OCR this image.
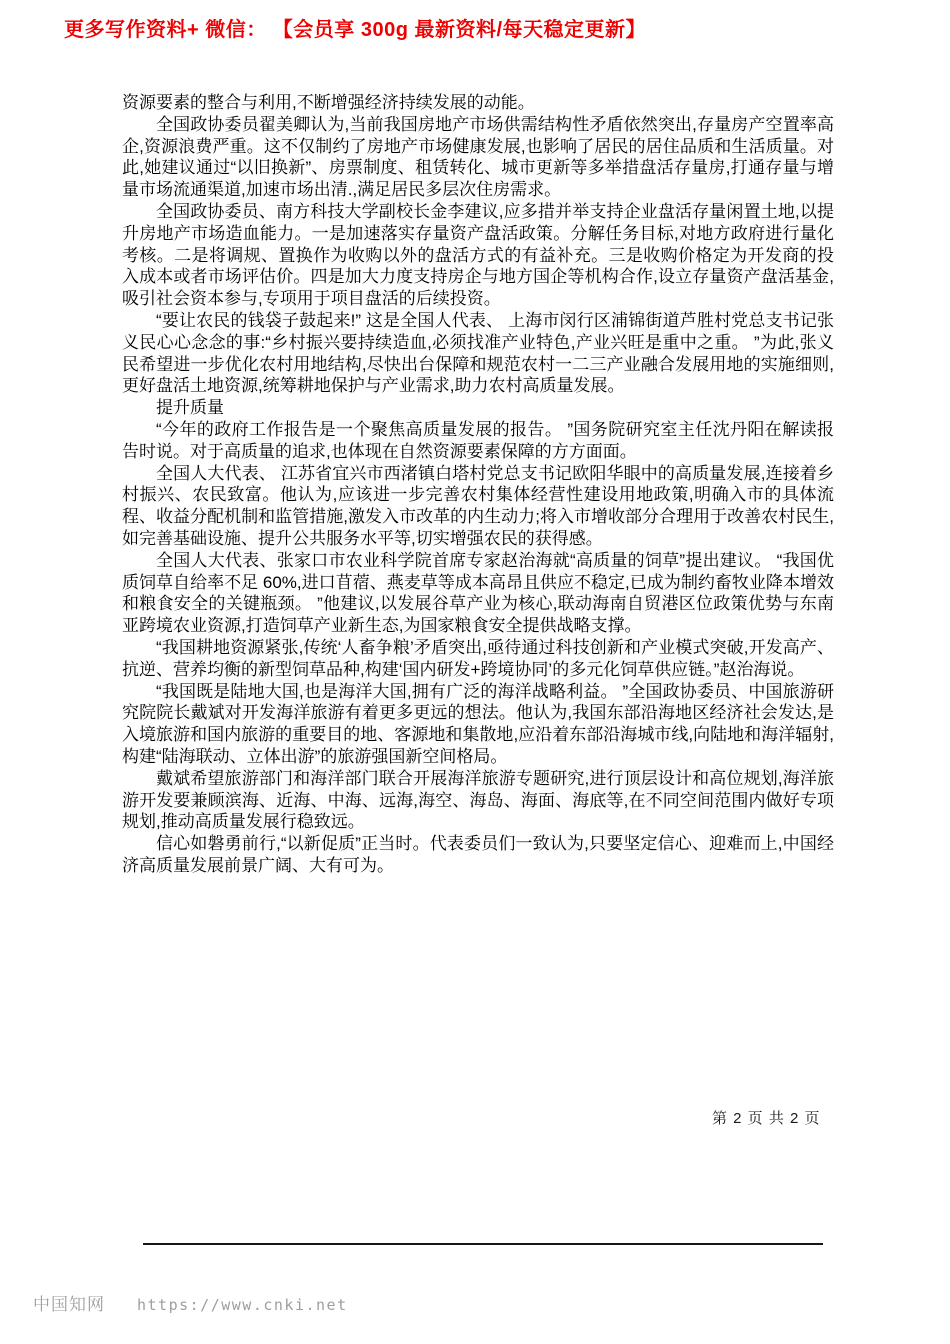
更多写作资料+ 微信： 【会员享 300g 最新资料/每天稳定更新】

资源要素的整合与利用,不断增强经济持续发展的动能。

全国政协委员翟美卿认为,当前我国房地产市场供需结构性矛盾依然突出,存量房产空置率高企,资源浪费严重。这不仅制约了房地产市场健康发展,也影响了居民的居住品质和生活质量。对此,她建议通过“以旧换新”、房票制度、租赁转化、城市更新等多举措盘活存量房,打通存量与增量市场流通渠道,加速市场出清.,满足居民多层次住房需求。

全国政协委员、南方科技大学副校长金李建议,应多措并举支持企业盘活存量闲置土地,以提升房地产市场造血能力。一是加速落实存量资产盘活政策。分解任务目标,对地方政府进行量化考核。二是将调规、置换作为收购以外的盘活方式的有益补充。三是收购价格定为开发商的投入成本或者市场评估价。四是加大力度支持房企与地方国企等机构合作,设立存量资产盘活基金,吸引社会资本参与,专项用于项目盘活的后续投资。

“要让农民的钱袋子鼓起来!” 这是全国人代表、 上海市闵行区浦锦街道芦胜村党总支书记张义民心心念念的事:“乡村振兴要持续造血,必须找准产业特色,产业兴旺是重中之重。 ”为此,张义民希望进一步优化农村用地结构,尽快出台保障和规范农村一二三产业融合发展用地的实施细则,更好盘活土地资源,统筹耕地保护与产业需求,助力农村高质量发展。

提升质量

“今年的政府工作报告是一个聚焦高质量发展的报告。 ”国务院研究室主任沈丹阳在解读报告时说。对于高质量的追求,也体现在自然资源要素保障的方方面面。

全国人大代表、 江苏省宜兴市西渚镇白塔村党总支书记欧阳华眼中的高质量发展,连接着乡村振兴、农民致富。他认为,应该进一步完善农村集体经营性建设用地政策,明确入市的具体流程、收益分配机制和监管措施,激发入市改革的内生动力;将入市增收部分合理用于改善农村民生,如完善基础设施、提升公共服务水平等,切实增强农民的获得感。

全国人大代表、张家口市农业科学院首席专家赵治海就“高质量的饲草”提出建议。 “我国优质饲草自给率不足 60%,进口苜蓿、燕麦草等成本高昂且供应不稳定,已成为制约畜牧业降本增效和粮食安全的关键瓶颈。 ”他建议,以发展谷草产业为核心,联动海南自贸港区位政策优势与东南亚跨境农业资源,打造饲草产业新生态,为国家粮食安全提供战略支撑。

“我国耕地资源紧张,传统‘人畜争粮’矛盾突出,亟待通过科技创新和产业模式突破,开发高产、抗逆、营养均衡的新型饲草品种,构建‘国内研发+跨境协同’的多元化饲草供应链。”赵治海说。

“我国既是陆地大国,也是海洋大国,拥有广泛的海洋战略利益。 ”全国政协委员、中国旅游研究院院长戴斌对开发海洋旅游有着更多更远的想法。他认为,我国东部沿海地区经济社会发达,是入境旅游和国内旅游的重要目的地、客源地和集散地,应沿着东部沿海城市线,向陆地和海洋辐射,构建“陆海联动、立体出游”的旅游强国新空间格局。

戴斌希望旅游部门和海洋部门联合开展海洋旅游专题研究,进行顶层设计和高位规划,海洋旅游开发要兼顾滨海、近海、中海、远海,海空、海岛、海面、海底等,在不同空间范围内做好专项规划,推动高质量发展行稳致远。

信心如磐勇前行,“以新促质”正当时。代表委员们一致认为,只要坚定信心、迎难而上,中国经济高质量发展前景广阔、大有可为。

第 2 页 共 2 页
中国知网 https://www.cnki.net
